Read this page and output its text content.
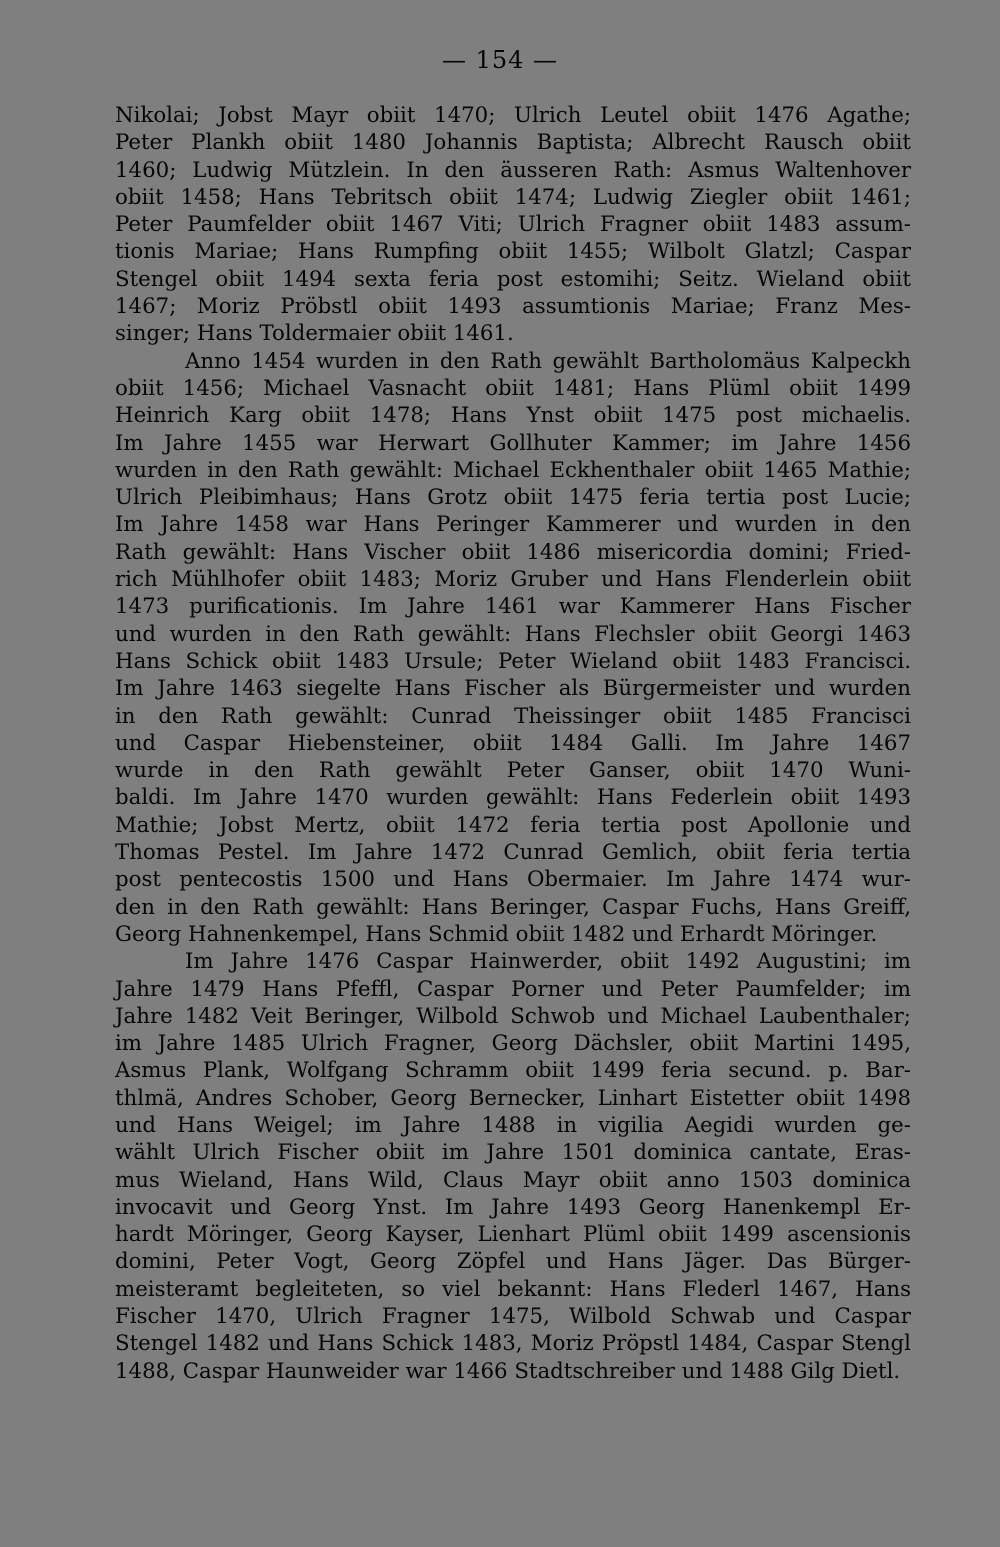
— 154 —
Nikolai; Jobst Mayr obiit 1470; Ulrich Leutel obiit 1476 Agathe;
Peter Plankh obiit 1480 Johannis Baptista; Albrecht Rausch obiit
1460; Ludwig Mützlein. In den äusseren Rath: Asmus Waltenhover
obiit 1458; Hans Tebritsch obiit 1474; Ludwig Ziegler obiit 1461;
Peter Paumfelder obiit 1467 Viti; Ulrich Fragner obiit 1483 assum-
tionis Mariae; Hans Rumpfing obiit 1455; Wilbolt Glatzl; Caspar
Stengel obiit 1494 sexta feria post estomihi; Seitz. Wieland obiit
1467; Moriz Pröbstl obiit 1493 assumtionis Mariae; Franz Mes-
singer; Hans Toldermaier obiit 1461.
Anno 1454 wurden in den Rath gewählt Bartholomäus Kalpeckh
obiit 1456; Michael Vasnacht obiit 1481; Hans Plüml obiit 1499
Heinrich Karg obiit 1478; Hans Ynst obiit 1475 post michaelis.
Im Jahre 1455 war Herwart Gollhuter Kammer; im Jahre 1456
wurden in den Rath gewählt: Michael Eckhenthaler obiit 1465 Mathie;
Ulrich Pleibimhaus; Hans Grotz obiit 1475 feria tertia post Lucie;
Im Jahre 1458 war Hans Peringer Kammerer und wurden in den
Rath gewählt: Hans Vischer obiit 1486 misericordia domini; Fried-
rich Mühlhofer obiit 1483; Moriz Gruber und Hans Flenderlein obiit
1473 purificationis. Im Jahre 1461 war Kammerer Hans Fischer
und wurden in den Rath gewählt: Hans Flechsler obiit Georgi 1463
Hans Schick obiit 1483 Ursule; Peter Wieland obiit 1483 Francisci.
Im Jahre 1463 siegelte Hans Fischer als Bürgermeister und wurden
in den Rath gewählt: Cunrad Theissinger obiit 1485 Francisci
und Caspar Hiebensteiner, obiit 1484 Galli. Im Jahre 1467
wurde in den Rath gewählt Peter Ganser, obiit 1470 Wuni-
baldi. Im Jahre 1470 wurden gewählt: Hans Federlein obiit 1493
Mathie; Jobst Mertz, obiit 1472 feria tertia post Apollonie und
Thomas Pestel. Im Jahre 1472 Cunrad Gemlich, obiit feria tertia
post pentecostis 1500 und Hans Obermaier. Im Jahre 1474 wur-
den in den Rath gewählt: Hans Beringer, Caspar Fuchs, Hans Greiff,
Georg Hahnenkempel, Hans Schmid obiit 1482 und Erhardt Möringer.
Im Jahre 1476 Caspar Hainwerder, obiit 1492 Augustini; im
Jahre 1479 Hans Pfeffl, Caspar Porner und Peter Paumfelder; im
Jahre 1482 Veit Beringer, Wilbold Schwob und Michael Laubenthaler;
im Jahre 1485 Ulrich Fragner, Georg Dächsler, obiit Martini 1495,
Asmus Plank, Wolfgang Schramm obiit 1499 feria secund. p. Bar-
thlmä, Andres Schober, Georg Bernecker, Linhart Eistetter obiit 1498
und Hans Weigel; im Jahre 1488 in vigilia Aegidi wurden ge-
wählt Ulrich Fischer obiit im Jahre 1501 dominica cantate, Eras-
mus Wieland, Hans Wild, Claus Mayr obiit anno 1503 dominica
invocavit und Georg Ynst. Im Jahre 1493 Georg Hanenkempl Er-
hardt Möringer, Georg Kayser, Lienhart Plüml obiit 1499 ascensionis
domini, Peter Vogt, Georg Zöpfel und Hans Jäger. Das Bürger-
meisteramt begleiteten, so viel bekannt: Hans Flederl 1467, Hans
Fischer 1470, Ulrich Fragner 1475, Wilbold Schwab und Caspar
Stengel 1482 und Hans Schick 1483, Moriz Pröpstl 1484, Caspar Stengl
1488, Caspar Haunweider war 1466 Stadtschreiber und 1488 Gilg Dietl.
